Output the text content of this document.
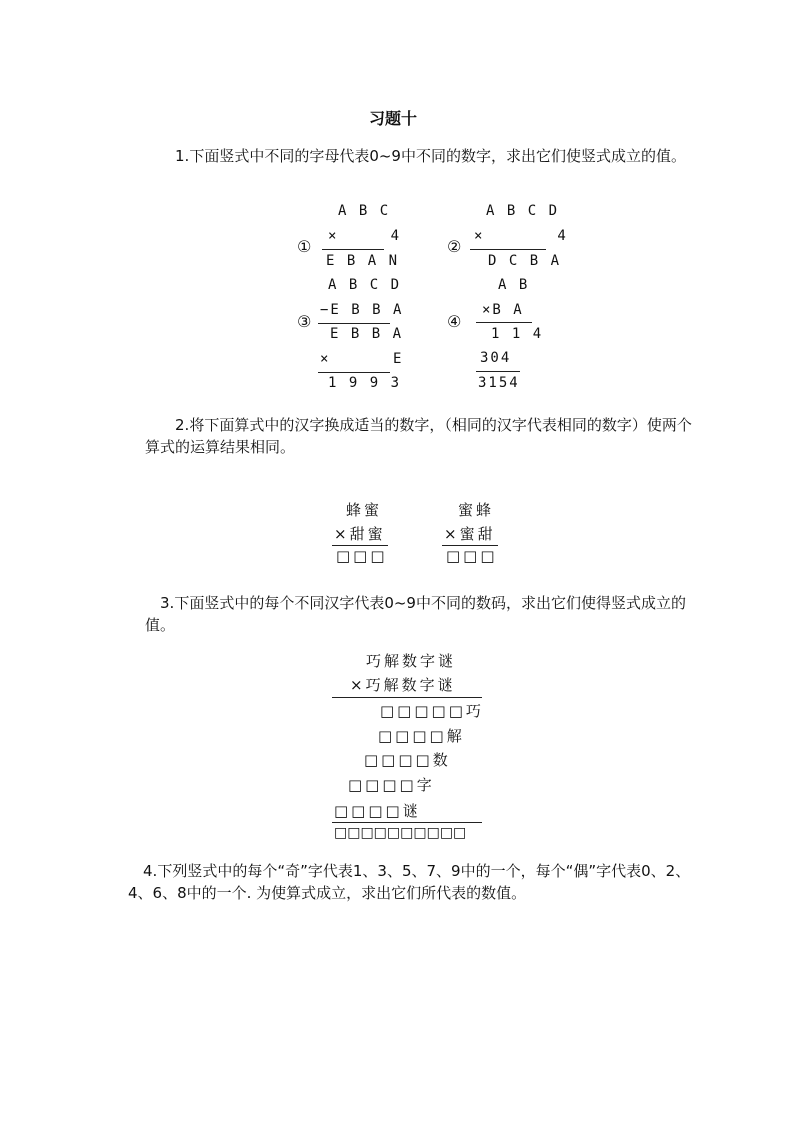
习题十
1.下面竖式中不同的字母代表0~9中不同的数字，求出它们使竖式成立的值。
①
A B C
×     4
E B A N
②
A B C D
×       4
D C B A
③
A B C D
−E B B A
E B B A
×      E
1 9 9 3
④
A B
×B A
1 1 4
304
3154
2.将下面算式中的汉字换成适当的数字，（相同的汉字代表相同的数字）使两个算式的运算结果相同。
蜂蜜
×甜蜜
□□□
蜜蜂
×蜜甜
□□□
3.下面竖式中的每个不同汉字代表0~9中不同的数码，求出它们使得竖式成立的值。
巧解数字谜
×巧解数字谜
□□□□□巧
□□□□解
□□□□数
□□□□字
□□□□谜
□□□□□□□□□□
4.下列竖式中的每个“奇”字代表1、3、5、7、9中的一个，每个“偶”字代表0、2、4、6、8中的一个. 为使算式成立，求出它们所代表的数值。
